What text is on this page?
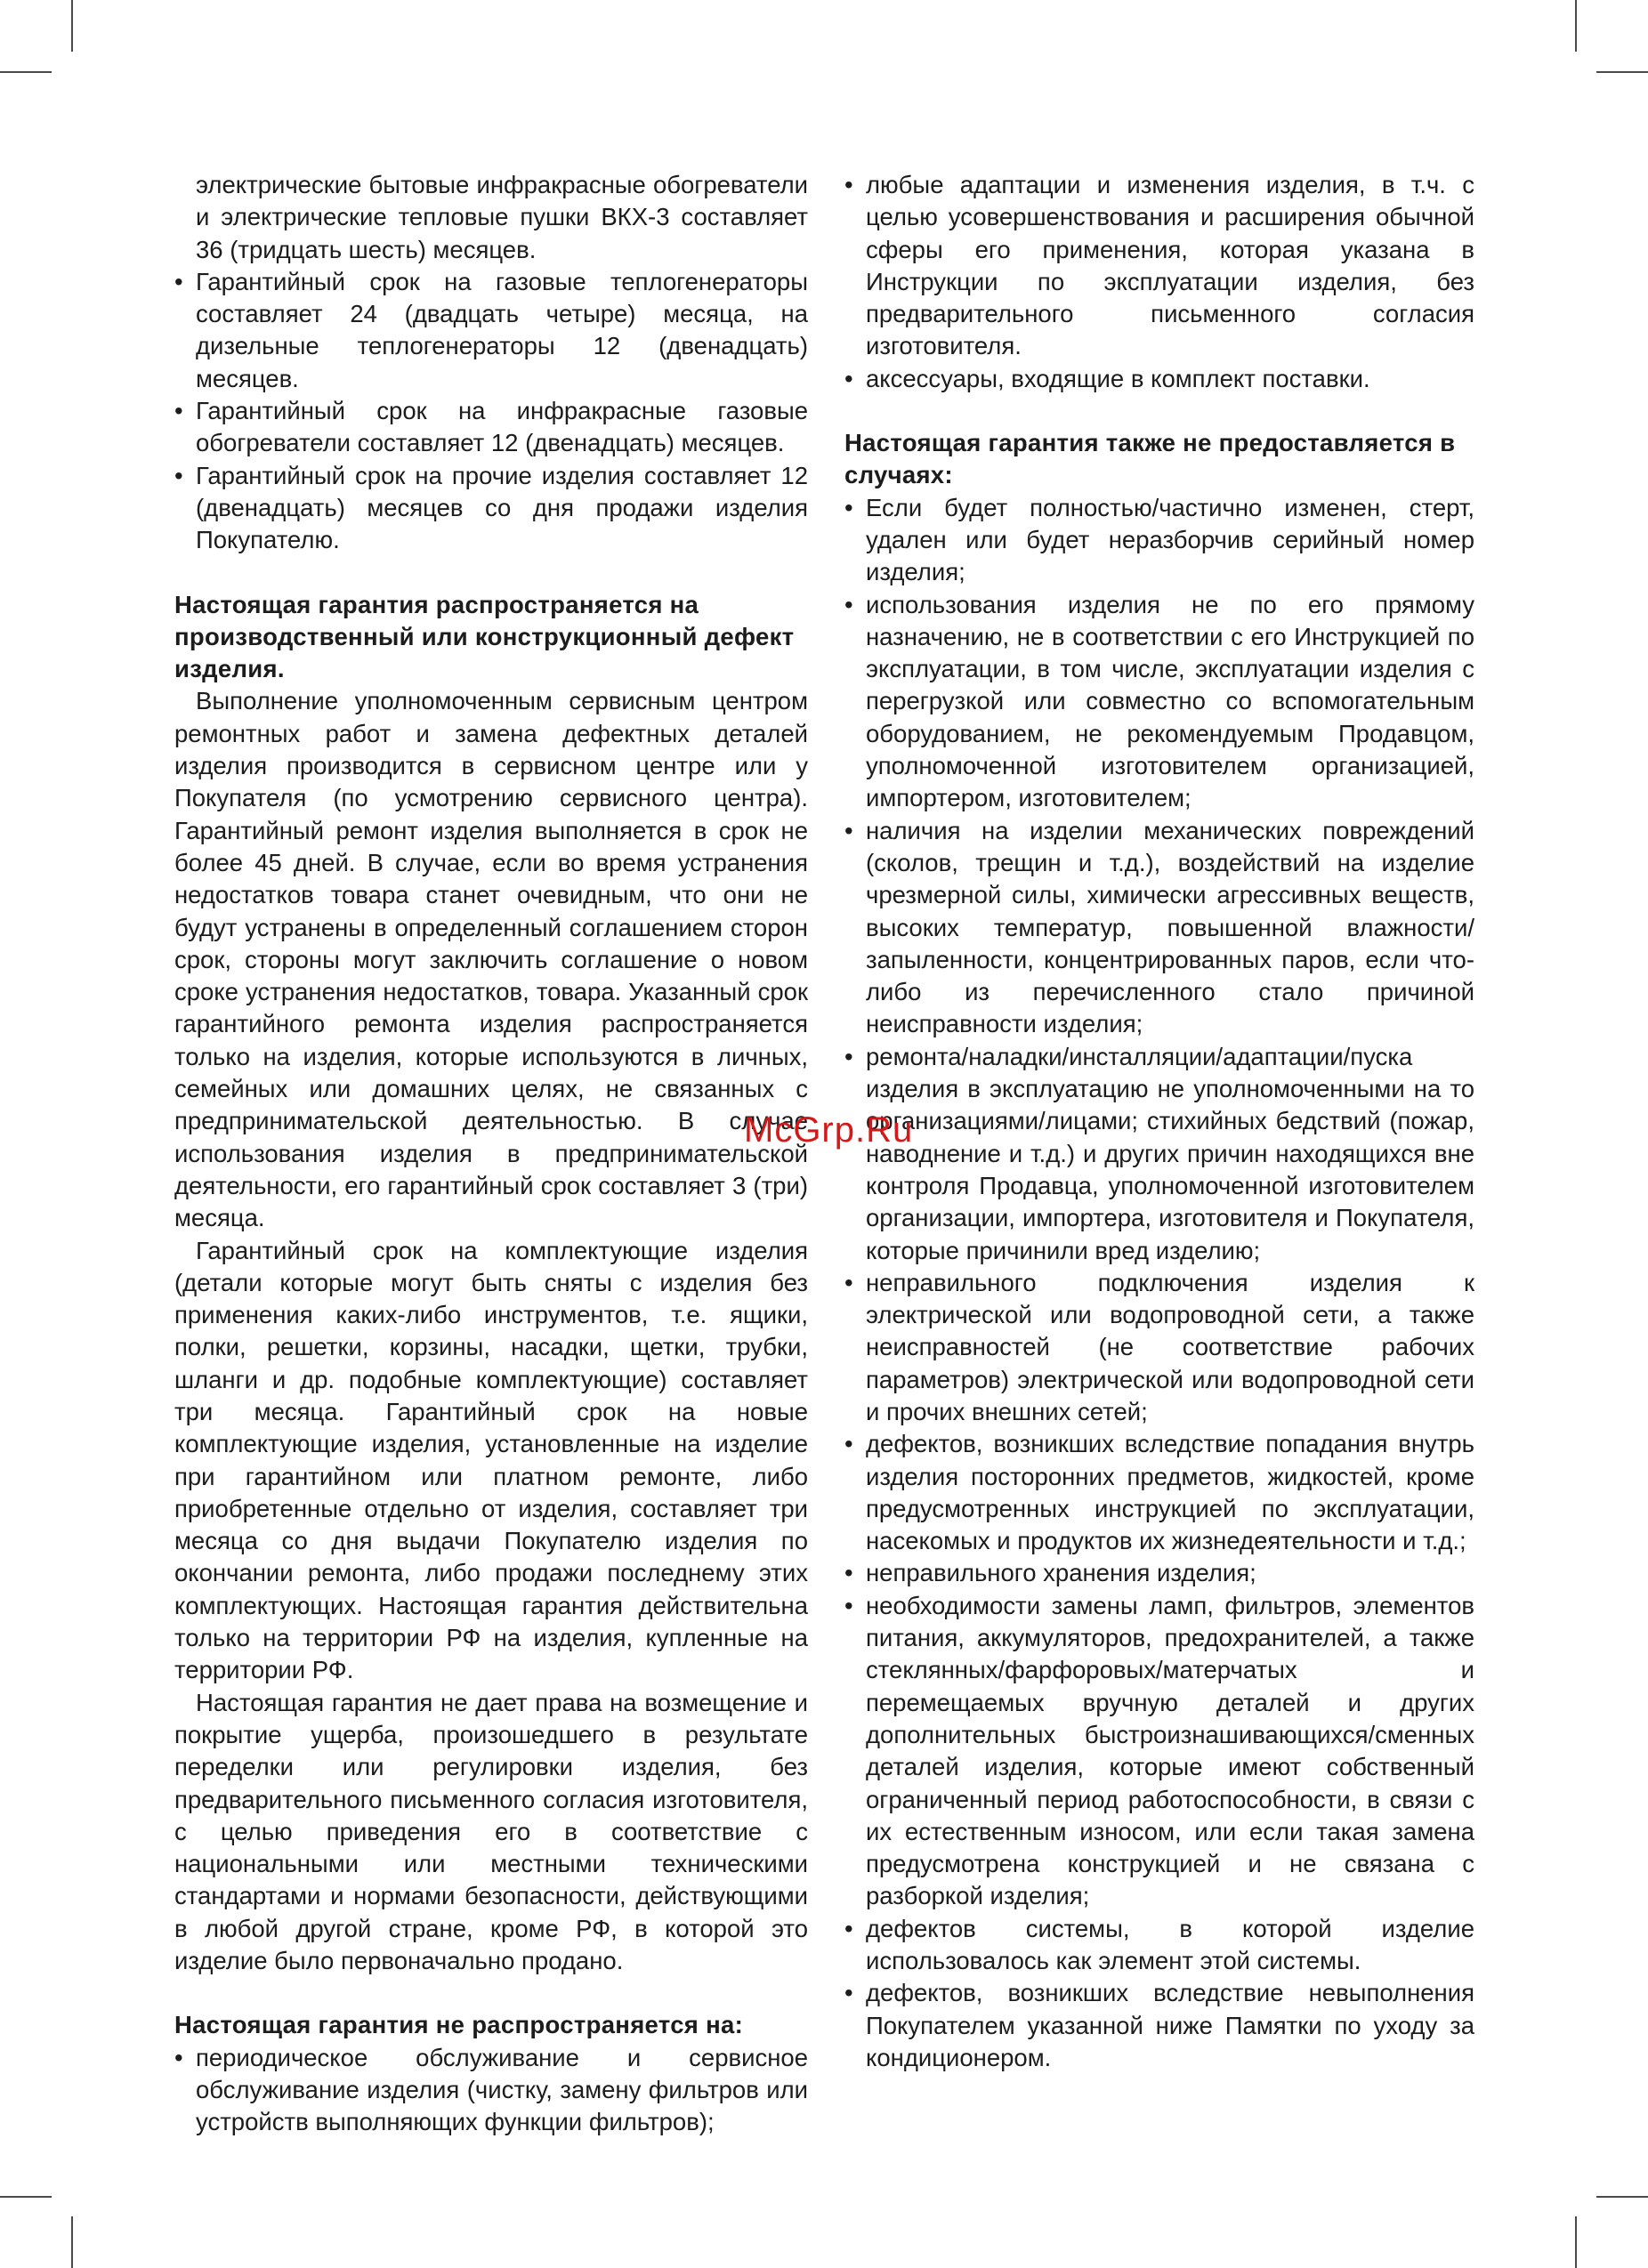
электрические бытовые инфракрасные обогреватели и электрические тепловые пушки ВКХ-3 составляет 36 (тридцать шесть) месяцев.

• Гарантийный срок на газовые теплогенераторы составляет 24 (двадцать четыре) месяца, на дизельные теплогенераторы 12 (двенадцать) месяцев.
• Гарантийный срок на инфракрасные газовые обогреватели составляет 12 (двенадцать) месяцев.
• Гарантийный срок на прочие изделия составляет 12 (двенадцать) месяцев со дня продажи изделия Покупателю.

Настоящая гарантия распространяется на производственный или конструкционный дефект изделия.

Выполнение уполномоченным сервисным центром ремонтных работ и замена дефектных деталей изделия производится в сервисном центре или у Покупателя (по усмотрению сервисного центра). Гарантийный ремонт изделия выполняется в срок не более 45 дней. В случае, если во время устранения недостатков товара станет очевидным, что они не будут устранены в определенный соглашением сторон срок, стороны могут заключить соглашение о новом сроке устранения недостатков, товара. Указанный срок гарантийного ремонта изделия распространяется только на изделия, которые используются в личных, семейных или домашних целях, не связанных с предпринимательской деятельностью. В случае использования изделия в предпринимательской деятельности, его гарантийный срок составляет 3 (три) месяца.

Гарантийный срок на комплектующие изделия (детали которые могут быть сняты с изделия без применения каких-либо инструментов, т.е. ящики, полки, решетки, корзины, насадки, щетки, трубки, шланги и др. подобные комплектующие) составляет три месяца. Гарантийный срок на новые комплектующие изделия, установленные на изделие при гарантийном или платном ремонте, либо приобретенные отдельно от изделия, составляет три месяца со дня выдачи Покупателю изделия по окончании ремонта, либо продажи последнему этих комплектующих. Настоящая гарантия действительна только на территории РФ на изделия, купленные на территории РФ.

Настоящая гарантия не дает права на возмещение и покрытие ущерба, произошедшего в результате переделки или регулировки изделия, без предварительного письменного согласия изготовителя, с целью приведения его в соответствие с национальными или местными техническими стандартами и нормами безопасности, действующими в любой другой стране, кроме РФ, в которой это изделие было первоначально продано.

Настоящая гарантия не распространяется на:

• периодическое обслуживание и сервисное обслуживание изделия (чистку, замену фильтров или устройств выполняющих функции фильтров);
• любые адаптации и изменения изделия, в т.ч. с целью усовершенствования и расширения обычной сферы его применения, которая указана в Инструкции по эксплуатации изделия, без предварительного письменного согласия изготовителя.
• аксессуары, входящие в комплект поставки.

Настоящая гарантия также не предоставляется в случаях:

• Если будет полностью/частично изменен, стерт, удален или будет неразборчив серийный номер изделия;
• использования изделия не по его прямому назначению, не в соответствии с его Инструкцией по эксплуатации, в том числе, эксплуатации изделия с перегрузкой или совместно со вспомогательным оборудованием, не рекомендуемым Продавцом, уполномоченной изготовителем организацией, импортером, изготовителем;
• наличия на изделии механических повреждений (сколов, трещин и т.д.), воздействий на изделие чрезмерной силы, химически агрессивных веществ, высоких температур, повышенной влажности/запыленности, концентрированных паров, если что-либо из перечисленного стало причиной неисправности изделия;
• ремонта/наладки/инсталляции/адаптации/пуска изделия в эксплуатацию не уполномоченными на то организациями/лицами; стихийных бедствий (пожар, наводнение и т.д.) и других причин находящихся вне контроля Продавца, уполномоченной изготовителем организации, импортера, изготовителя и Покупателя, которые причинили вред изделию;
• неправильного подключения изделия к электрической или водопроводной сети, а также неисправностей (не соответствие рабочих параметров) электрической или водопроводной сети и прочих внешних сетей;
• дефектов, возникших вследствие попадания внутрь изделия посторонних предметов, жидкостей, кроме предусмотренных инструкцией по эксплуатации, насекомых и продуктов их жизнедеятельности и т.д.;
• неправильного хранения изделия;
• необходимости замены ламп, фильтров, элементов питания, аккумуляторов, предохранителей, а также стеклянных/фарфоровых/матерчатых и перемещаемых вручную деталей и других дополнительных быстроизнашивающихся/сменных деталей изделия, которые имеют собственный ограниченный период работоспособности, в связи с их естественным износом, или если такая замена предусмотрена конструкцией и не связана с разборкой изделия;
• дефектов системы, в которой изделие использовалось как элемент этой системы.
• дефектов, возникших вследствие невыполнения Покупателем указанной ниже Памятки по уходу за кондиционером.
McGrp.Ru
